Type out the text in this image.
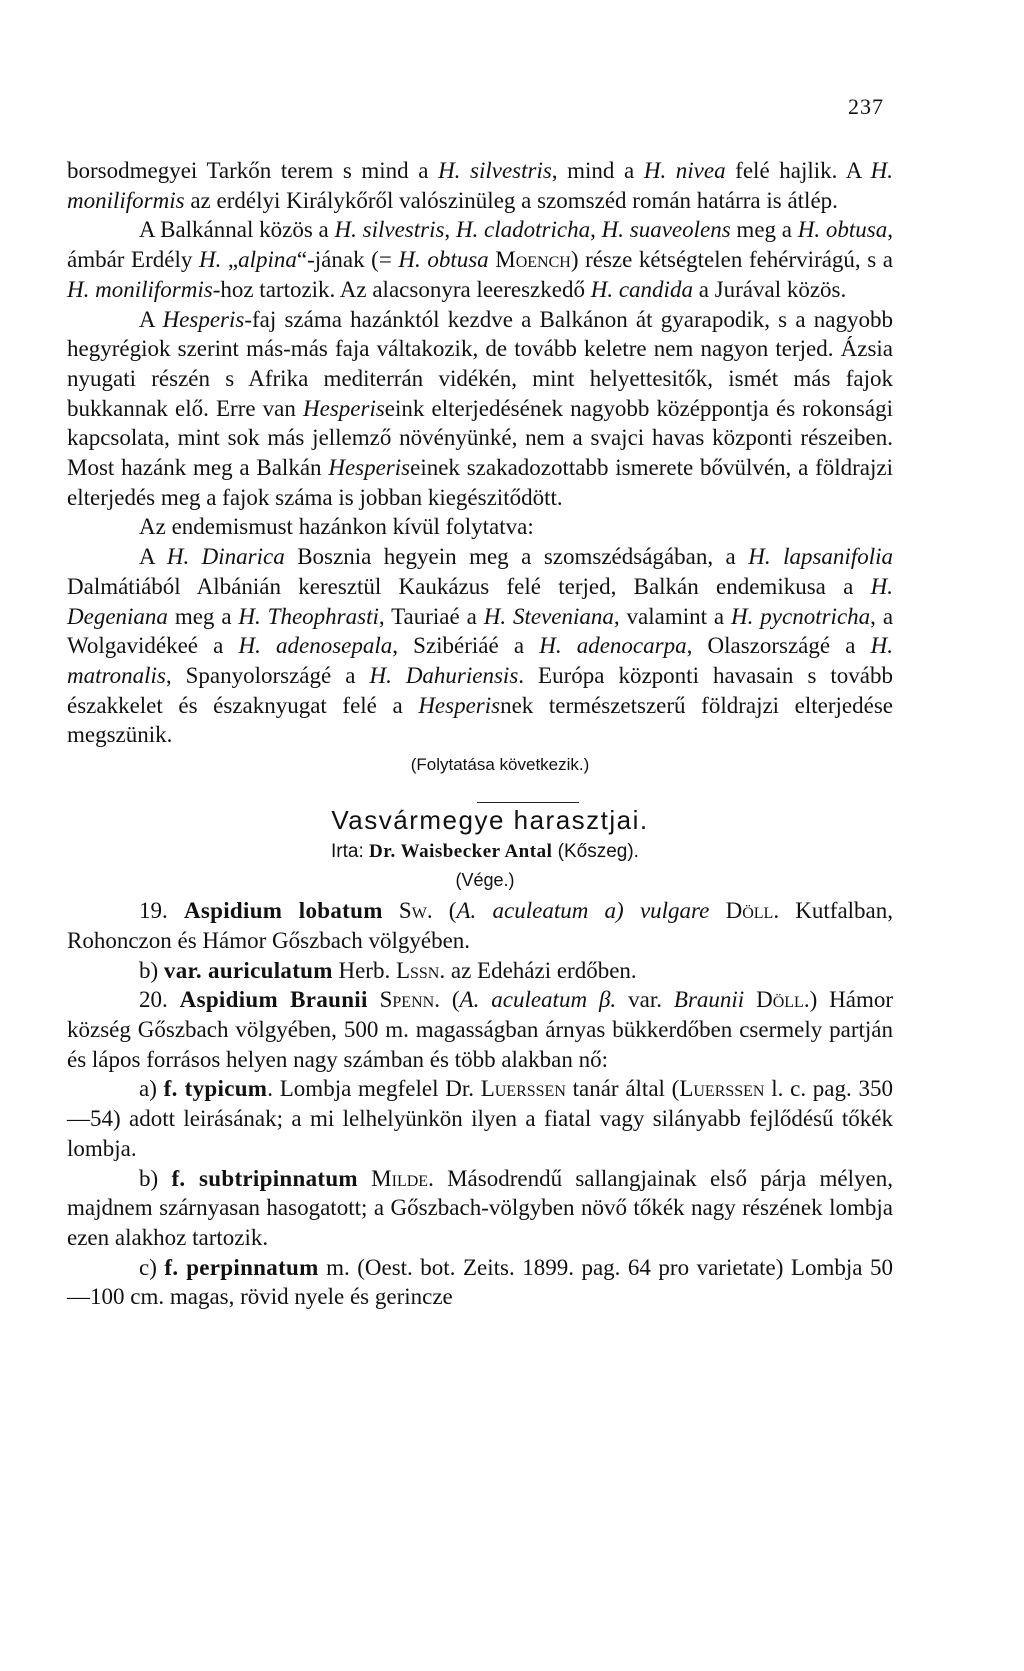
237

borsodmegyei Tarkőn terem s mind a H. silvestris, mind a H. nivea felé hajlik. A H. moniliformis az erdélyi Királykőről valószinüleg a szomszéd román határra is átlép.

A Balkánnal közös a H. silvestris, H. cladotricha, H. suaveolens meg a H. obtusa, ámbár Erdély H. „alpina“-jának (= H. obtusa Moench) része kétségtelen fehérvirágú, s a H. moniliformis-hoz tartozik. Az alacsonyra leereszkedő H. candida a Jurával közös.

A Hesperis-faj száma hazánktól kezdve a Balkánon át gyarapodik, s a nagyobb hegyrégiok szerint más-más faja váltakozik, de tovább keletre nem nagyon terjed. Ázsia nyugati részén s Afrika mediterrán vidékén, mint helyettesitők, ismét más fajok bukkannak elő. Erre van Hesperiseink elterjedésének nagyobb középpontja és rokonsági kapcsolata, mint sok más jellemző növényünké, nem a svajci havas központi részeiben. Most hazánk meg a Balkán Hesperiseinek szakadozottabb ismerete bővülvén, a földrajzi elterjedés meg a fajok száma is jobban kiegészitődött.

Az endemismust hazánkon kívül folytatva:

A H. Dinarica Bosznia hegyein meg a szomszédságában, a H. lapsanifolia Dalmátiából Albánián keresztül Kaukázus felé terjed, Balkán endemikusa a H. Degeniana meg a H. Theophrasti, Tauriaé a H. Steveniana, valamint a H. pycnotricha, a Wolgavidékeé a H. adenosepala, Szibériáé a H. adenocarpa, Olaszországé a H. matronalis, Spanyolországé a H. Dahuriensis. Európa központi havasain s tovább északkelet és északnyugat felé a Hesperisnek természetszerű földrajzi elterjedése megszünik.

(Folytatása következik.)

Vasvármegye harasztjai.

Irta: Dr. Waisbecker Antal (Kőszeg).

(Vége.)

19. Aspidium lobatum Sw. (A. aculeatum a) vulgare Döll. Kutfalban, Rohonczon és Hámor Gőszbach völgyében.

b) var. auriculatum Herb. Lssn. az Edeházi erdőben.

20. Aspidium Braunii Spenn. (A. aculeatum β. var. Braunii Döll.) Hámor község Gőszbach völgyében, 500 m. magasságban árnyas bükkerdőben csermely partján és lápos forrásos helyen nagy számban és több alakban nő:

a) f. typicum. Lombja megfelel Dr. Luerssen tanár által (Luerssen l. c. pag. 350—54) adott leirásának; a mi lelhelyünkön ilyen a fiatal vagy silányabb fejlődésű tőkék lombja.

b) f. subtripinnatum Milde. Másodrendű sallangjainak első párja mélyen, majdnem szárnyasan hasogatott; a Gőszbach-völgyben növő tőkék nagy részének lombja ezen alakhoz tartozik.

c) f. perpinnatum m. (Oest. bot. Zeits. 1899. pag. 64 pro varietate) Lombja 50—100 cm. magas, rövid nyele és gerincze
